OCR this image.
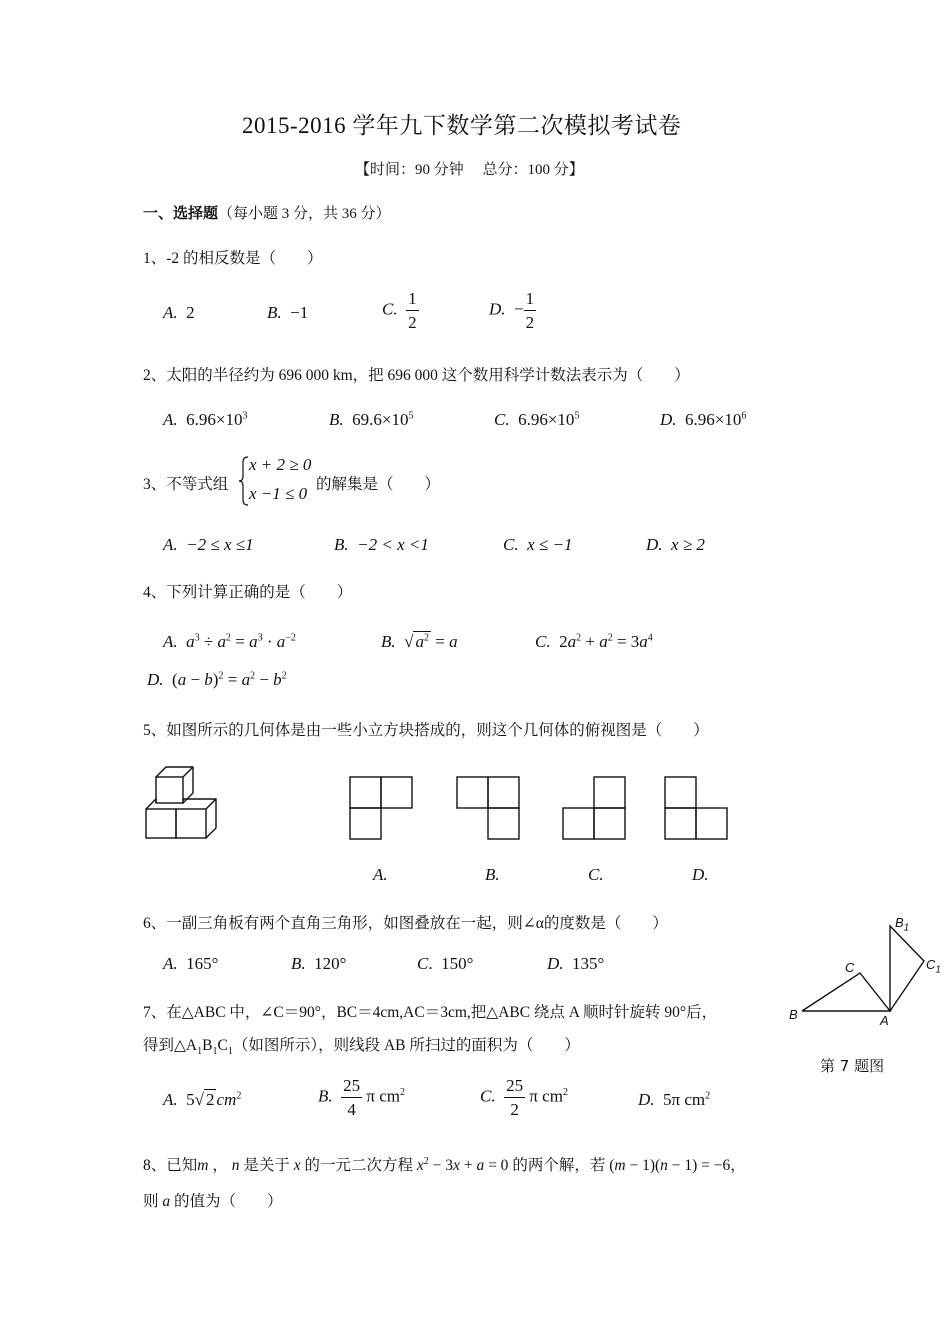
2015-2016 学年九下数学第二次模拟考试卷
【时间：90 分钟　 总分：100 分】
一、选择题（每小题 3 分，共 36 分）
1、-2 的相反数是（　　）
A. 2	B. −1	C. $\frac{1}{2}$	D. − $\frac{1}{2}$
2、太阳的半径约为 696 000 km，把 696 000 这个数用科学计数法表示为（　　）
A. $6.96\times 10^3$	B. $69.6\times 10^5$	C. $6.96\times 10^5$	D. $6.96\times 10^6$
3、不等式组
x + 2 ≥ 0
x −1 ≤ 0 的解集是（　　）
A. −2 ≤ x ≤1	B. −2 < x <1	C. x ≤ −1	D. x ≥ 2
4、下列计算正确的是（　　）
A. $a^3 \div a^2 = a^3 \cdot a^{-2}$	B.  √ $a^2 = a$	C.  $2a^2 + a^2 = 3a^4$
D.  $(a - b)^2 = a^2 - b^2$
5、如图所示的几何体是由一些小立方块搭成的，则这个几何体的俯视图是（　　）
A.	B.	C.	D.
6、一副三角板有两个直角三角形，如图叠放在一起，则∠α的度数是（　　）
A. 165°	B. 120°	C.  150°	D. 135°
$B_1$
$C_1$
C
B	A
第 7 题图
7、在△ABC 中，∠C＝90°，BC＝4cm,AC＝3cm,把△ABC 绕点 A 顺时针旋转 90°后，
得到$\triangle A_1B_1C_1$（如图所示），则线段 AB 所扫过的面积为（　　）
A.  5√ 2 $cm^2$	B. $\frac{25}{4}$ π $cm^2$	C. $\frac{25}{2}$ π $cm^2$	D.  5π $cm^2$
8、已知m ， n 是关于 x 的一元二次方程 $x^2 - 3x + a = 0$ 的两个解，若 (m − 1)(n − 1) = −6，
则 a 的值为（　　）
